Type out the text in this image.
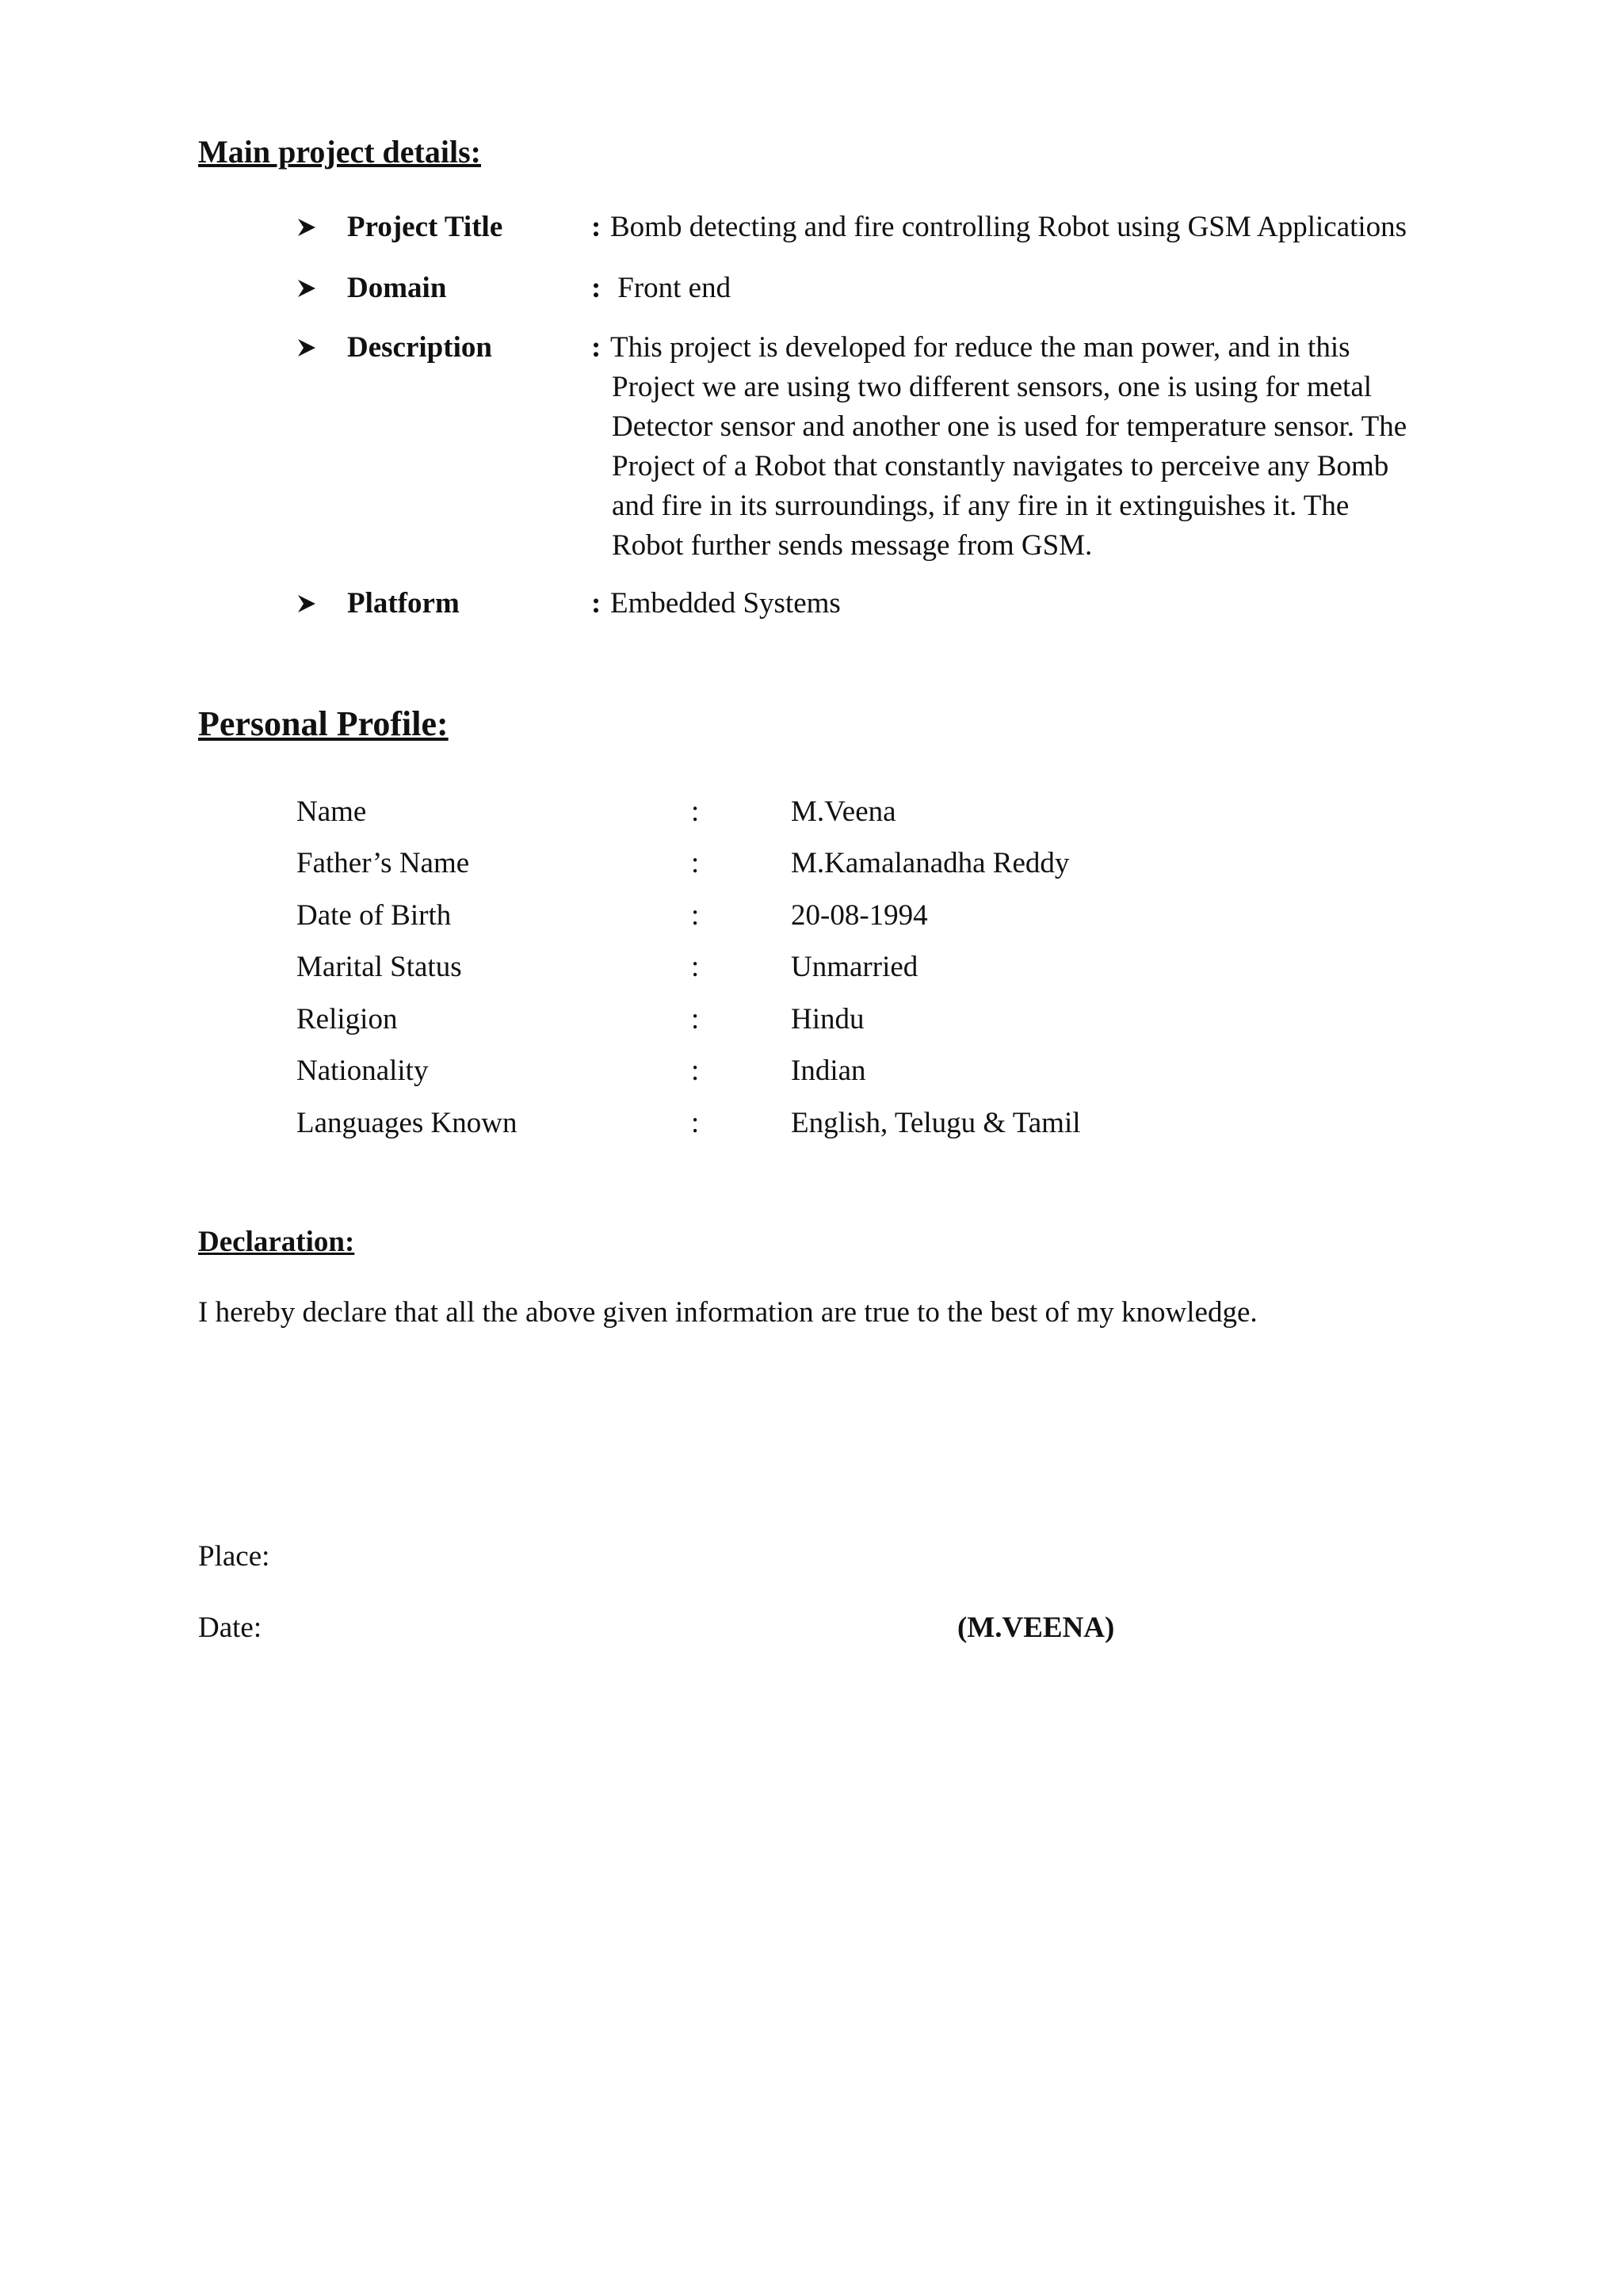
Main project details:
Project Title	: Bomb detecting and fire controlling Robot using GSM Applications
Domain	: Front end
Description	: This project is developed for reduce the man power, and in this
Project we are using two different sensors, one is using for metal
Detector sensor and another one is used for temperature sensor. The
Project of a Robot that constantly navigates to perceive any Bomb
and fire in its surroundings, if any fire in it extinguishes it. The
Robot further sends message from GSM.
Platform	: Embedded Systems
Personal Profile:
Name	:	M.Veena
Father’s Name	:	M.Kamalanadha Reddy
Date of Birth	:	20-08-1994
Marital Status	:	Unmarried
Religion	:	Hindu
Nationality	:	Indian
Languages Known	:	English, Telugu & Tamil
Declaration:
I hereby declare that all the above given information are true to the best of my knowledge.
Place:
Date:	(M.VEENA)
